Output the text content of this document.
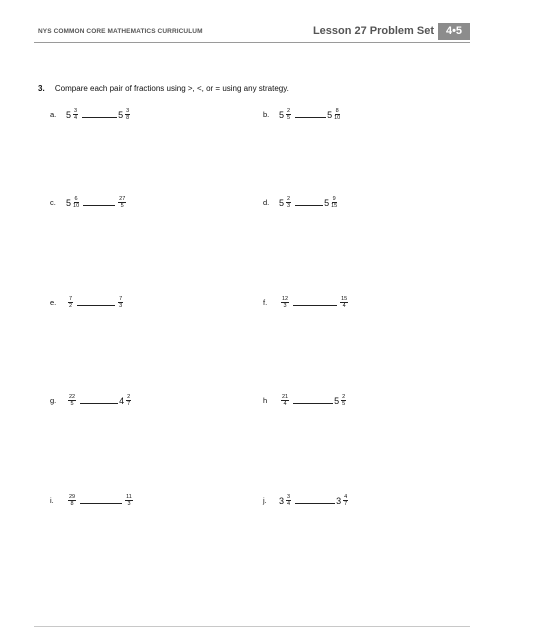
NYS COMMON CORE MATHEMATICS CURRICULUM	Lesson 27 Problem Set	4•5
3. Compare each pair of fractions using >, <, or = using any strategy.
a.	$5 \frac{3}{4}$	$5 \frac{3}{8}$	b.	$5 \frac{2}{5}$	$5 \frac{8}{10}$
c.	$5 \frac{6}{10}$	$\frac{27}{5}$	d.	$5 \frac{2}{3}$	$5 \frac{9}{15}$
e.	$\frac{7}{2}$	$\frac{7}{3}$	f.	$\frac{12}{3}$	$\frac{15}{4}$
g.	$\frac{22}{5}$	$4 \frac{2}{7}$	h	$\frac{21}{4}$	$5 \frac{2}{5}$
i.	$\frac{29}{8}$	$\frac{11}{3}$	j.	$3 \frac{3}{4}$	$3 \frac{4}{7}$
